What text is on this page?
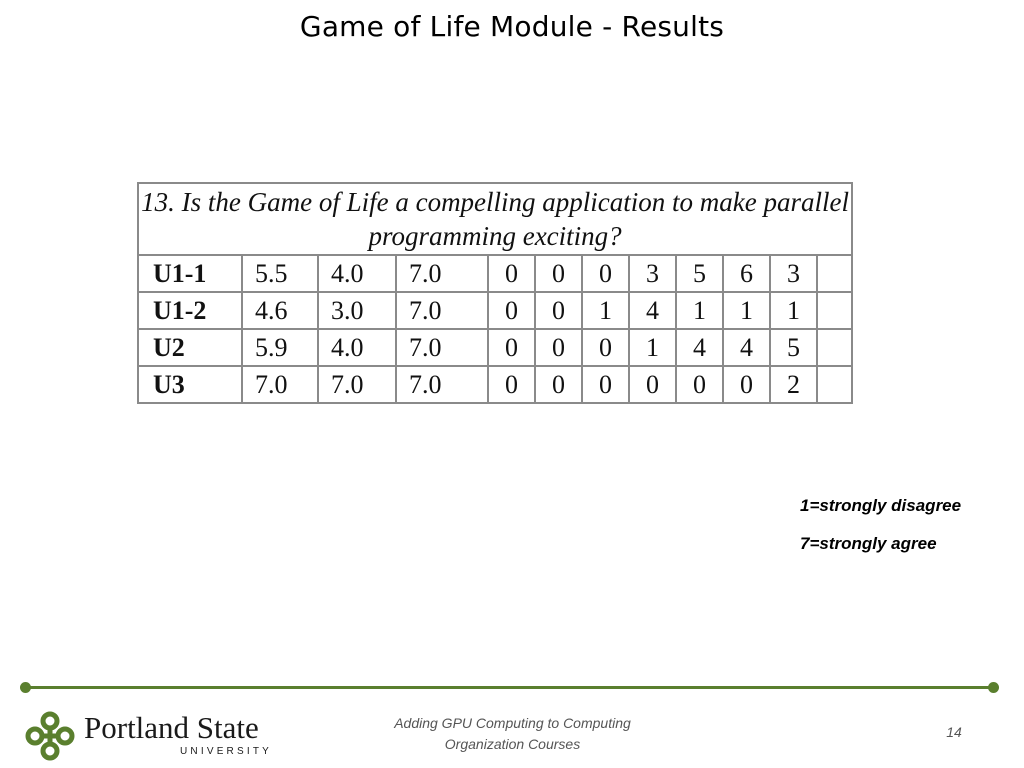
Game of Life Module - Results
13. Is the Game of Life a compelling application to make parallel programming exciting?											
U1-1	5.5	4.0	7.0	0	0	0	3	5	6	3	
U1-2	4.6	3.0	7.0	0	0	1	4	1	1	1	
U2	5.9	4.0	7.0	0	0	0	1	4	4	5	
U3	7.0	7.0	7.0	0	0	0	0	0	0	2	
1=strongly disagree
7=strongly agree
Portland State
UNIVERSITY
Adding GPU Computing to Computing
Organization Courses
14
